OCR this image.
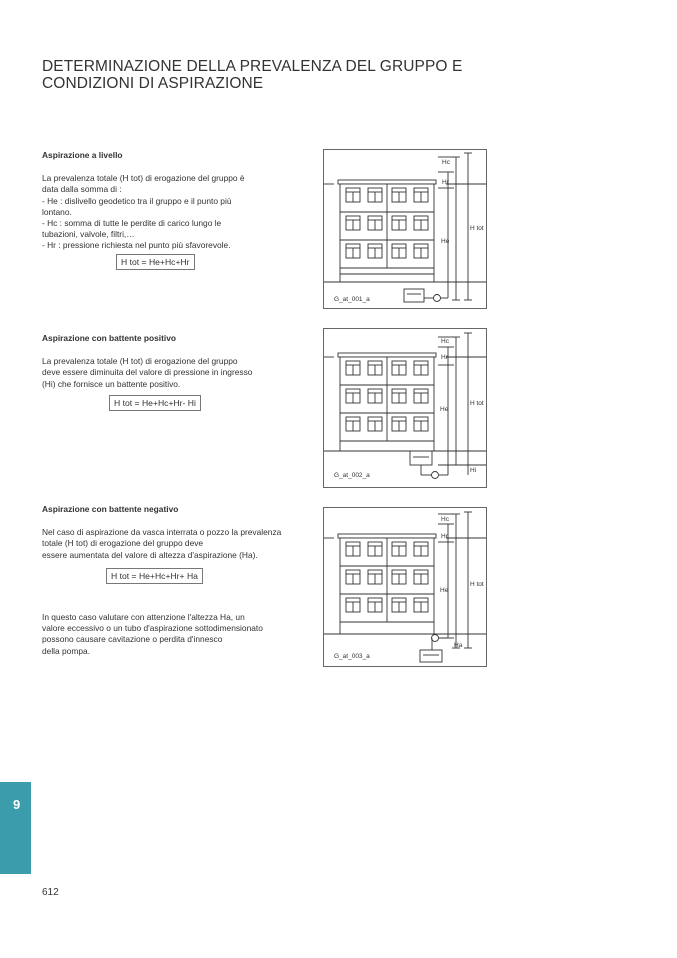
DETERMINAZIONE DELLA PREVALENZA DEL GRUPPO E
CONDIZIONI DI ASPIRAZIONE
Aspirazione a livello
La prevalenza totale (H tot) di erogazione del gruppo è
data dalla somma di :
- He : dislivello geodetico tra il gruppo e il punto più
lontano.
- Hc : somma di tutte le perdite di carico lungo le
tubazioni, valvole, filtri,…
- Hr : pressione richiesta nel punto più sfavorevole.
H tot = He+Hc+Hr
Aspirazione con battente positivo
La prevalenza totale (H tot) di erogazione del gruppo
deve essere diminuita del valore di pressione in ingresso
(Hi) che fornisce un battente positivo.
H tot = He+Hc+Hr- Hi
Aspirazione con battente negativo
Nel caso di aspirazione da vasca interrata o pozzo la prevalenza
totale (H tot) di erogazione del gruppo deve
essere aumentata del valore di altezza d'aspirazione (Ha).
H tot = He+Hc+Hr+ Ha
In questo caso valutare con attenzione l'altezza Ha, un
valore eccessivo o un tubo d'aspirazione sottodimensionato
possono causare cavitazione o perdita d'innesco
della pompa.
Hc
Hr
He
H tot
G_at_001_a
Hc
Hr
He
H tot
Hi
G_at_002_a
Hc
Hr
He
H tot
Ha
G_at_003_a
9
612
